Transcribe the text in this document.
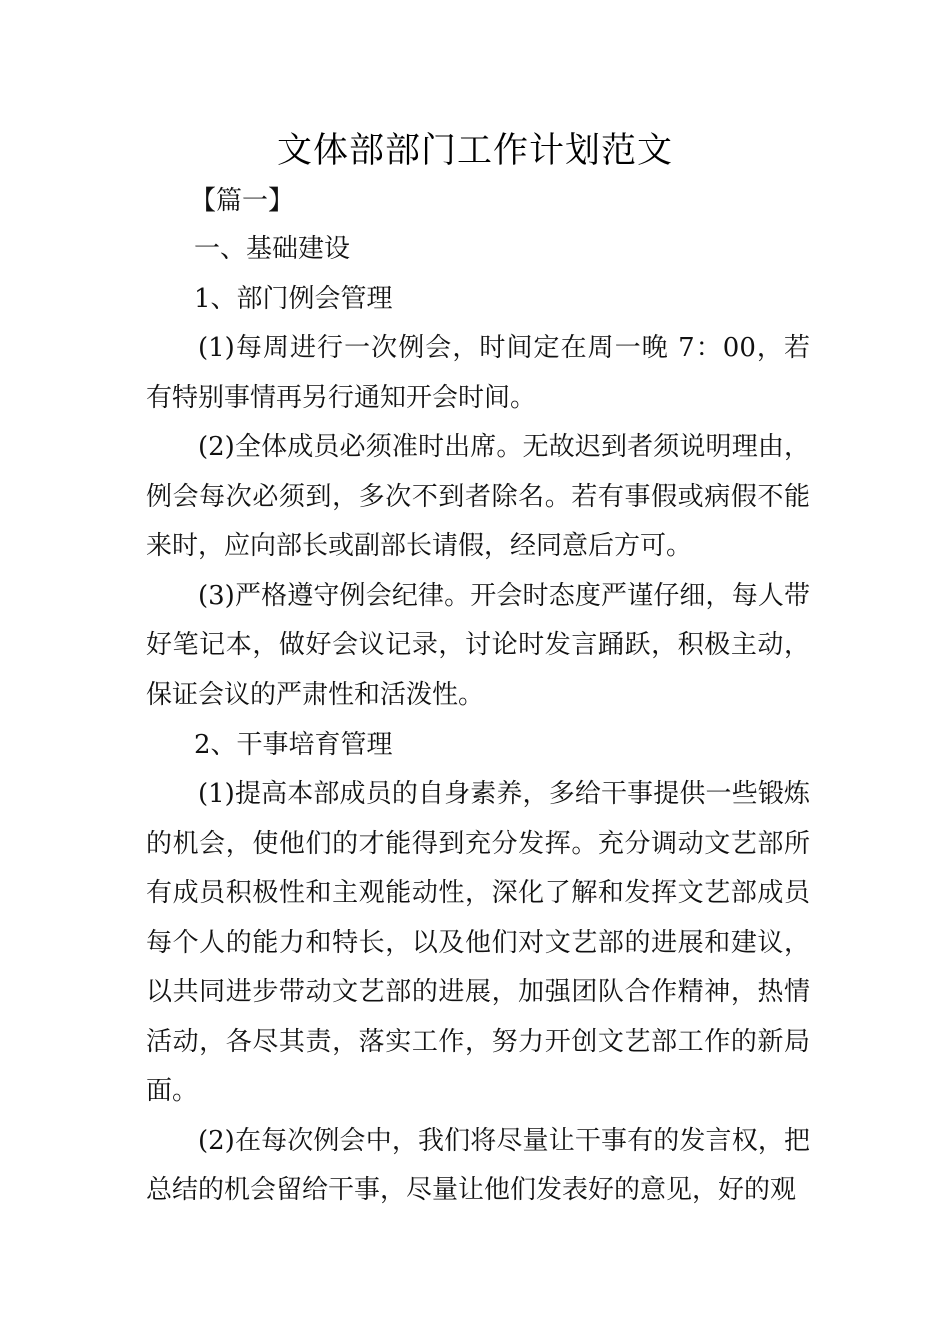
文体部部门工作计划范文
【篇一】

一、基础建设

1、部门例会管理

(1)每周进行一次例会，时间定在周一晚 7：00，若有特别事情再另行通知开会时间。

(2)全体成员必须准时出席。无故迟到者须说明理由，例会每次必须到，多次不到者除名。若有事假或病假不能来时，应向部长或副部长请假，经同意后方可。

(3)严格遵守例会纪律。开会时态度严谨仔细，每人带好笔记本，做好会议记录，讨论时发言踊跃，积极主动，保证会议的严肃性和活泼性。

2、干事培育管理

(1)提高本部成员的自身素养，多给干事提供一些锻炼的机会，使他们的才能得到充分发挥。充分调动文艺部所有成员积极性和主观能动性，深化了解和发挥文艺部成员每个人的能力和特长，以及他们对文艺部的进展和建议，以共同进步带动文艺部的进展，加强团队合作精神，热情活动，各尽其责，落实工作，努力开创文艺部工作的新局面。

(2)在每次例会中，我们将尽量让干事有的发言权，把总结的机会留给干事，尽量让他们发表好的意见，好的观
